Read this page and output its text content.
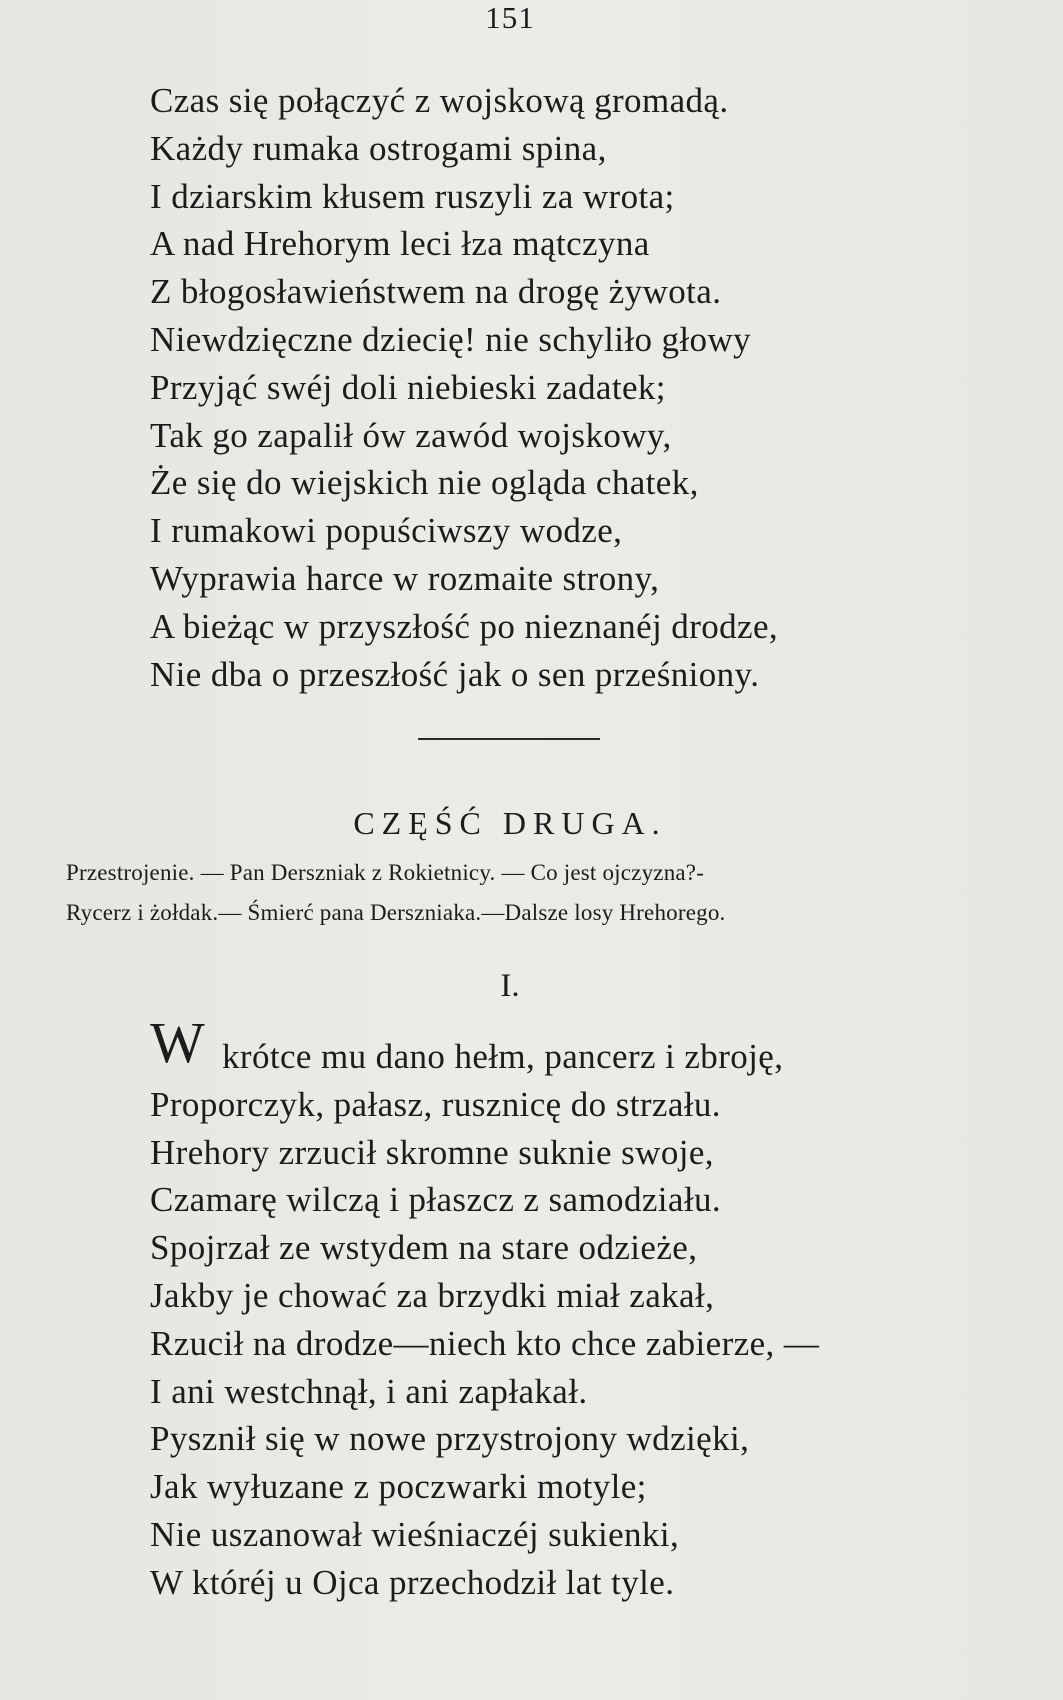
151
Czas się połączyć z wojskową gromadą.
Każdy rumaka ostrogami spina,
I dziarskim kłusem ruszyli za wrota;
A nad Hrehorym leci łza mątczyna
Z błogosławieństwem na drogę żywota.
Niewdzięczne dziecię! nie schyliło głowy
Przyjąć swéj doli niebieski zadatek;
Tak go zapalił ów zawód wojskowy,
Że się do wiejskich nie ogląda chatek,
I rumakowi popuściwszy wodze,
Wyprawia harce w rozmaite strony,
A bieżąc w przyszłość po nieznanéj drodze,
Nie dba o przeszłość jak o sen prześniony.
CZĘŚĆ DRUGA.

Przestrojenie. — Pan Derszniak z Rokietnicy. — Co jest ojczyzna?-

Rycerz i żołdak.— Śmierć pana Derszniaka.—Dalsze losy Hrehorego.

I.
krótce mu dano hełm, pancerz i zbroję,
Proporczyk, pałasz, rusznicę do strzału.
Hrehory zrzucił skromne suknie swoje,
Czamarę wilczą i płaszcz z samodziału.
Spojrzał ze wstydem na stare odzieże,
Jakby je chować za brzydki miał zakał,
Rzucił na drodze—niech kto chce zabierze, —
I ani westchnął, i ani zapłakał.
Pysznił się w nowe przystrojony wdzięki,
Jak wyłuzane z poczwarki motyle;
Nie uszanował wieśniaczéj sukienki,
W któréj u Ojca przechodził lat tyle.
W
